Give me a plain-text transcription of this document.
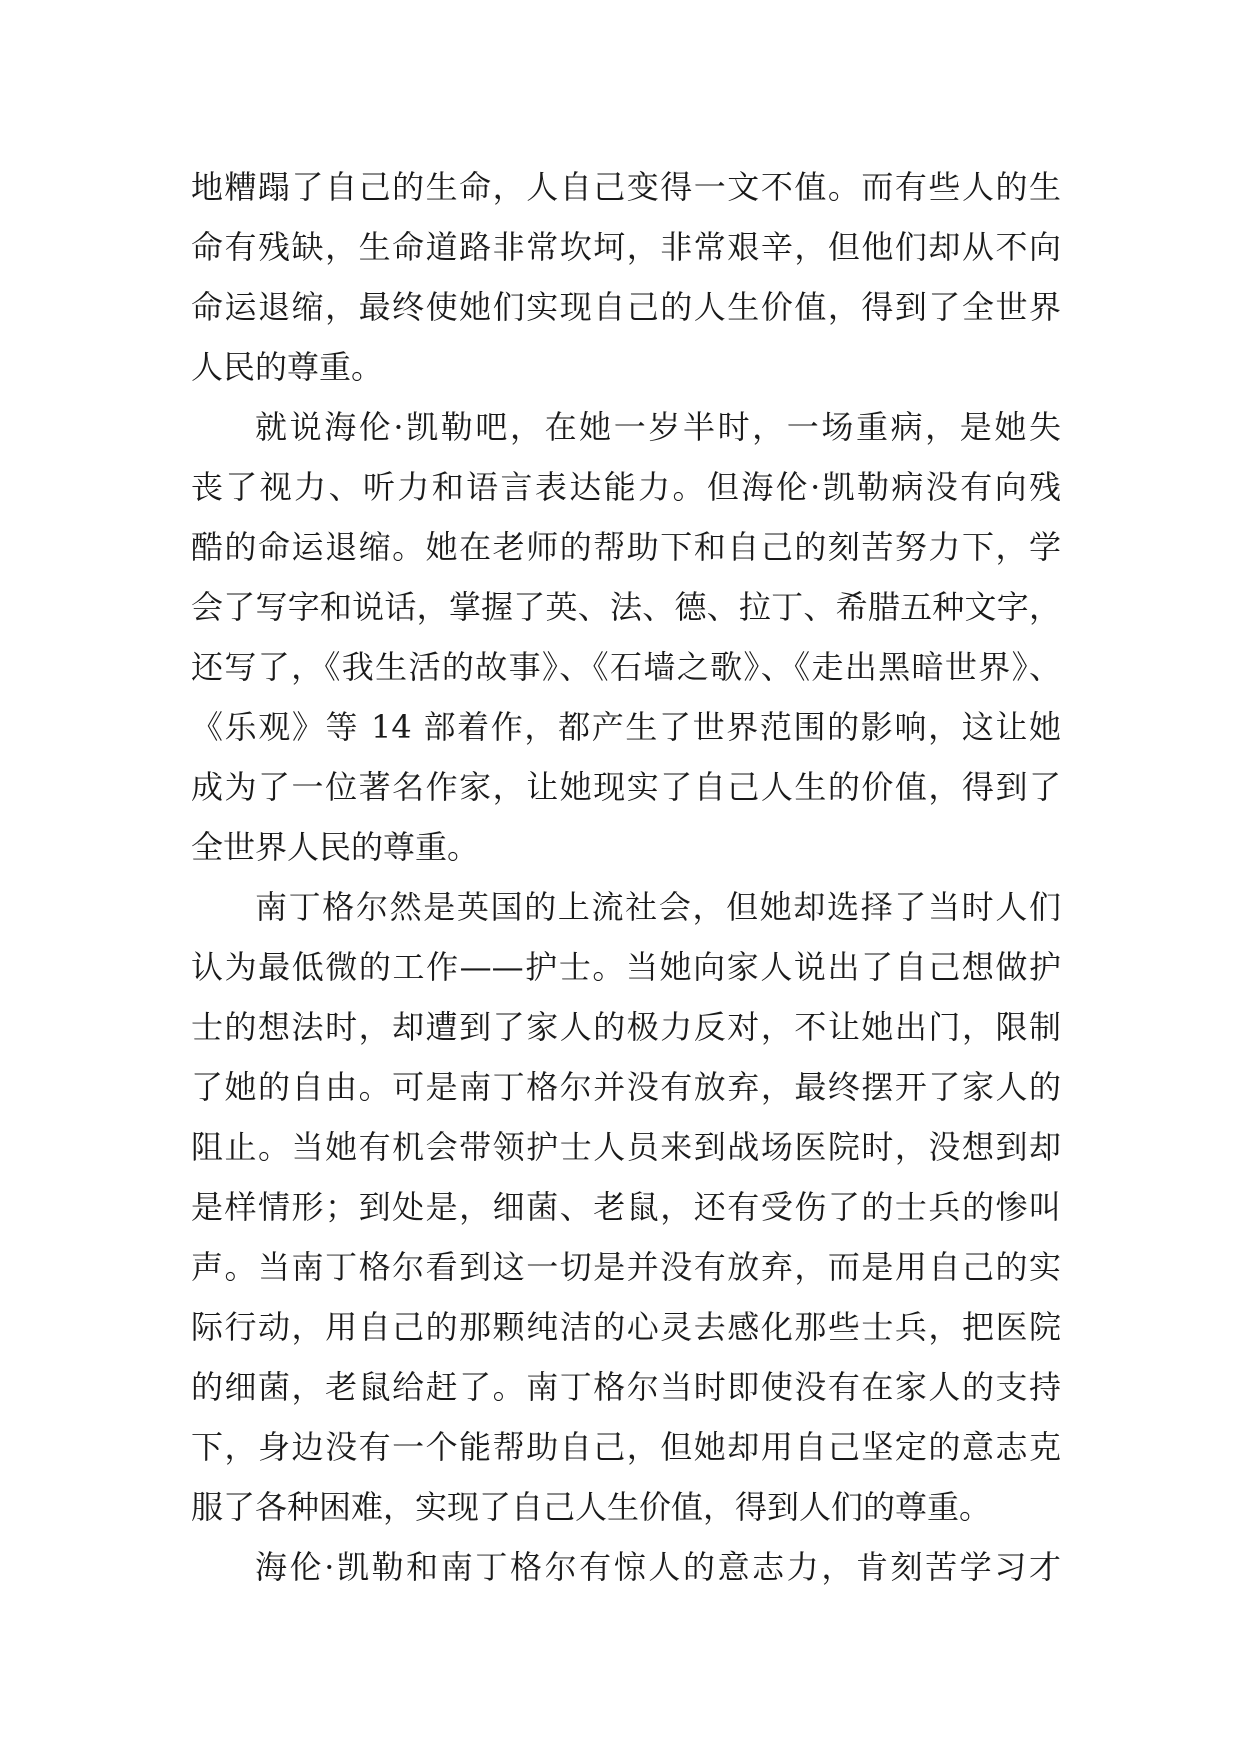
地糟蹋了自己的生命，人自己变得一文不值。而有些人的生
命有残缺，生命道路非常坎坷，非常艰辛，但他们却从不向
命运退缩，最终使她们实现自己的人生价值，得到了全世界
人民的尊重。
就说海伦·凯勒吧，在她一岁半时，一场重病，是她失
丧了视力、听力和语言表达能力。但海伦·凯勒病没有向残
酷的命运退缩。她在老师的帮助下和自己的刻苦努力下，学
会了写字和说话，掌握了英、法、德、拉丁、希腊五种文字，
还写了，《我生活的故事》、《石墙之歌》、《走出黑暗世界》、
《乐观》等 14 部着作，都产生了世界范围的影响，这让她
成为了一位著名作家，让她现实了自己人生的价值，得到了
全世界人民的尊重。
南丁格尔然是英国的上流社会，但她却选择了当时人们
认为最低微的工作——护士。当她向家人说出了自己想做护
士的想法时，却遭到了家人的极力反对，不让她出门，限制
了她的自由。可是南丁格尔并没有放弃，最终摆开了家人的
阻止。当她有机会带领护士人员来到战场医院时，没想到却
是样情形；到处是，细菌、老鼠，还有受伤了的士兵的惨叫
声。当南丁格尔看到这一切是并没有放弃，而是用自己的实
际行动，用自己的那颗纯洁的心灵去感化那些士兵，把医院
的细菌，老鼠给赶了。南丁格尔当时即使没有在家人的支持
下，身边没有一个能帮助自己，但她却用自己坚定的意志克
服了各种困难，实现了自己人生价值，得到人们的尊重。
海伦·凯勒和南丁格尔有惊人的意志力，肯刻苦学习才
